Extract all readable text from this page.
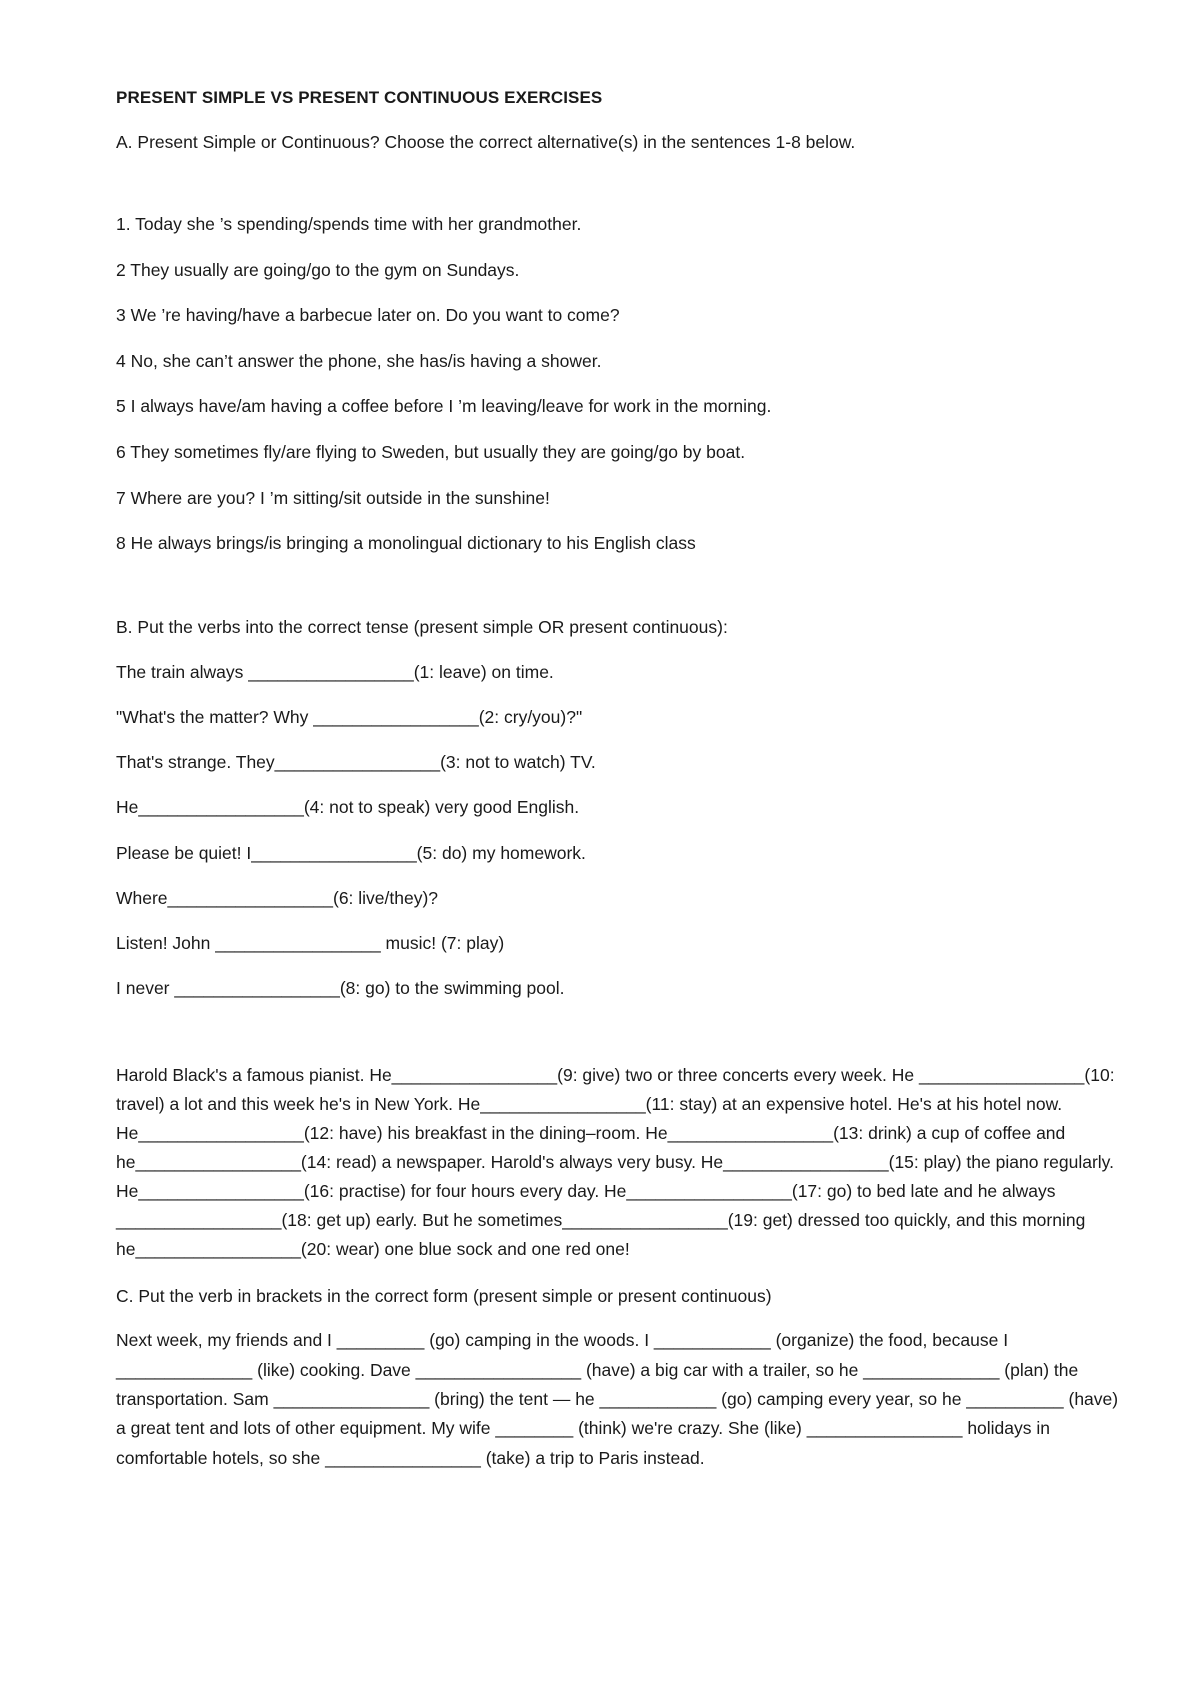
PRESENT SIMPLE VS PRESENT CONTINUOUS EXERCISES
A. Present Simple or Continuous? Choose the correct alternative(s) in the sentences 1-8 below.
1. Today she ’s spending/spends time with her grandmother.
2 They usually are going/go to the gym on Sundays.
3 We ’re having/have a barbecue later on. Do you want to come?
4 No, she can’t answer the phone, she has/is having a shower.
5 I always have/am having a coffee before I ’m leaving/leave for work in the morning.
6 They sometimes fly/are flying to Sweden, but usually they are going/go by boat.
7 Where are you? I ’m sitting/sit outside in the sunshine!
8 He always brings/is bringing a monolingual dictionary to his English class
B. Put the verbs into the correct tense (present simple OR present continuous):
The train always _________________(1: leave) on time.
"What's the matter? Why _________________(2: cry/you)?"
That's strange. They_________________(3: not to watch) TV.
He_________________(4: not to speak) very good English.
Please be quiet! I_________________(5: do) my homework.
Where_________________(6: live/they)?
Listen! John _________________ music! (7: play)
I never _________________(8: go) to the swimming pool.
Harold Black's a famous pianist. He_________________(9: give) two or three concerts every week. He _________________(10: travel) a lot and this week he's in New York. He_________________(11: stay) at an expensive hotel. He's at his hotel now. He_________________(12: have) his breakfast in the dining–room. He_________________(13: drink) a cup of coffee and he_________________(14: read) a newspaper. Harold's always very busy. He_________________(15: play) the piano regularly. He_________________(16: practise) for four hours every day. He_________________(17: go) to bed late and he always _________________(18: get up) early. But he sometimes_________________(19: get) dressed too quickly, and this morning he_________________(20: wear) one blue sock and one red one!
C. Put the verb in brackets in the correct form (present simple or present continuous)
Next week, my friends and I _________ (go) camping in the woods. I ____________ (organize) the food, because I ______________ (like) cooking. Dave _________________ (have) a big car with a trailer, so he ______________ (plan) the transportation. Sam ________________ (bring) the tent — he ____________ (go) camping every year, so he __________ (have) a great tent and lots of other equipment. My wife ________ (think) we're crazy. She (like) ________________ holidays in comfortable hotels, so she ________________ (take) a trip to Paris instead.
